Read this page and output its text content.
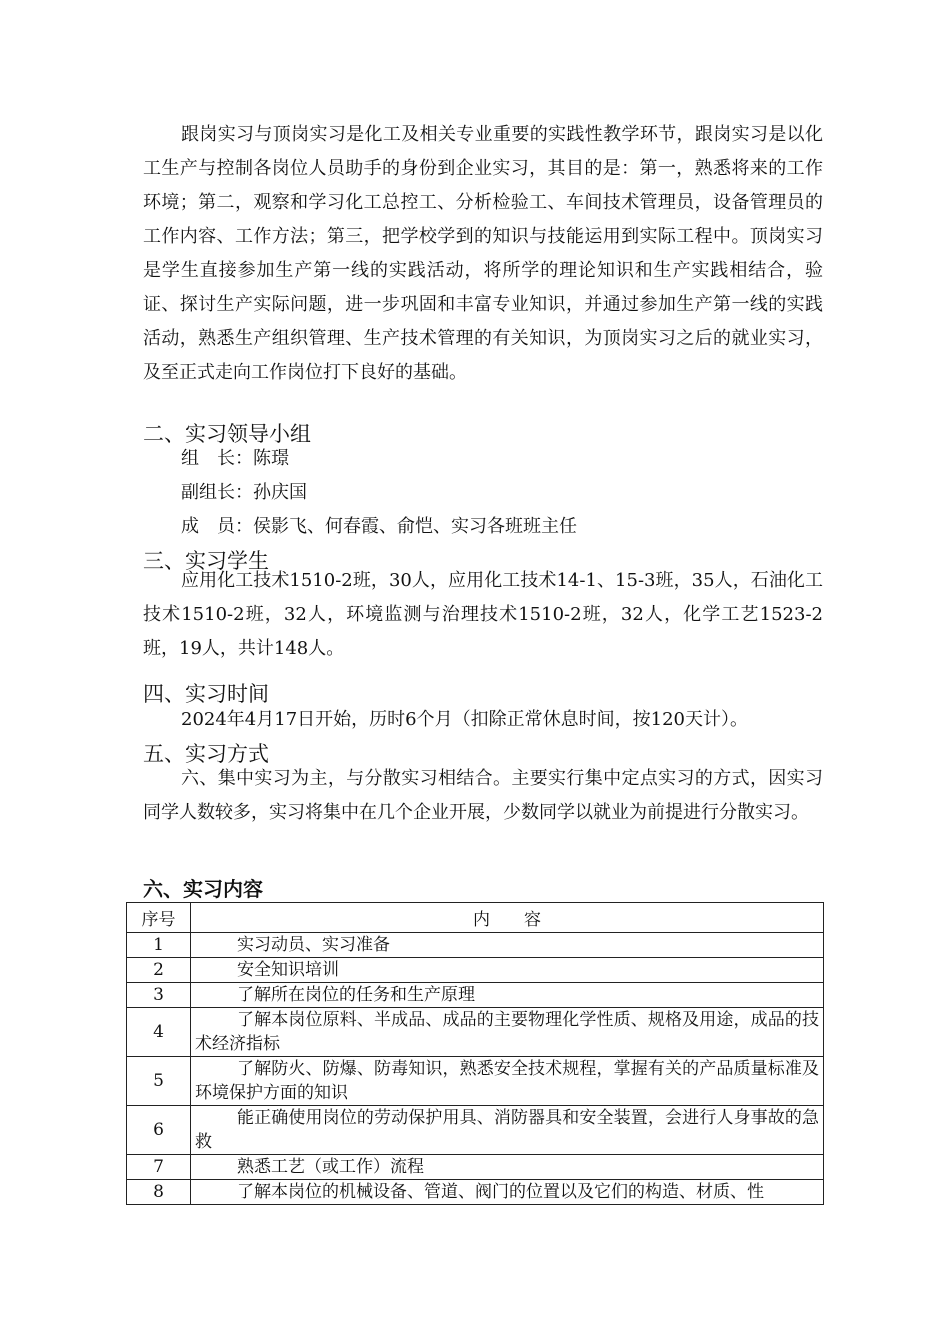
跟岗实习与顶岗实习是化工及相关专业重要的实践性教学环节，跟岗实习是以化工生产与控制各岗位人员助手的身份到企业实习，其目的是：第一，熟悉将来的工作环境；第二，观察和学习化工总控工、分析检验工、车间技术管理员，设备管理员的工作内容、工作方法；第三，把学校学到的知识与技能运用到实际工程中。顶岗实习是学生直接参加生产第一线的实践活动，将所学的理论知识和生产实践相结合，验证、探讨生产实际问题，进一步巩固和丰富专业知识，并通过参加生产第一线的实践活动，熟悉生产组织管理、生产技术管理的有关知识，为顶岗实习之后的就业实习，及至正式走向工作岗位打下良好的基础。

二、实习领导小组

组　长：陈璟

副组长：孙庆国

成　员：侯影飞、何春霞、俞恺、实习各班班主任

三、实习学生

应用化工技术1510-2班，30人，应用化工技术14-1、15-3班，35人，石油化工技术1510-2班，32人，环境监测与治理技术1510-2班，32人，化学工艺1523-2班，19人，共计148人。

四、实习时间

2024年4月17日开始，历时6个月（扣除正常休息时间，按120天计）。

五、实习方式

六、集中实习为主，与分散实习相结合。主要实行集中定点实习的方式，因实习同学人数较多，实习将集中在几个企业开展，少数同学以就业为前提进行分散实习。

六、实习内容
序号	内　　容
1	实习动员、实习准备
2	安全知识培训
3	了解所在岗位的任务和生产原理
4	了解本岗位原料、半成品、成品的主要物理化学性质、规格及用途，成品的技术经济指标
5	了解防火、防爆、防毒知识，熟悉安全技术规程，掌握有关的产品质量标准及环境保护方面的知识
6	能正确使用岗位的劳动保护用具、消防器具和安全装置，会进行人身事故的急救
7	熟悉工艺（或工作）流程
8	了解本岗位的机械设备、管道、阀门的位置以及它们的构造、材质、性
